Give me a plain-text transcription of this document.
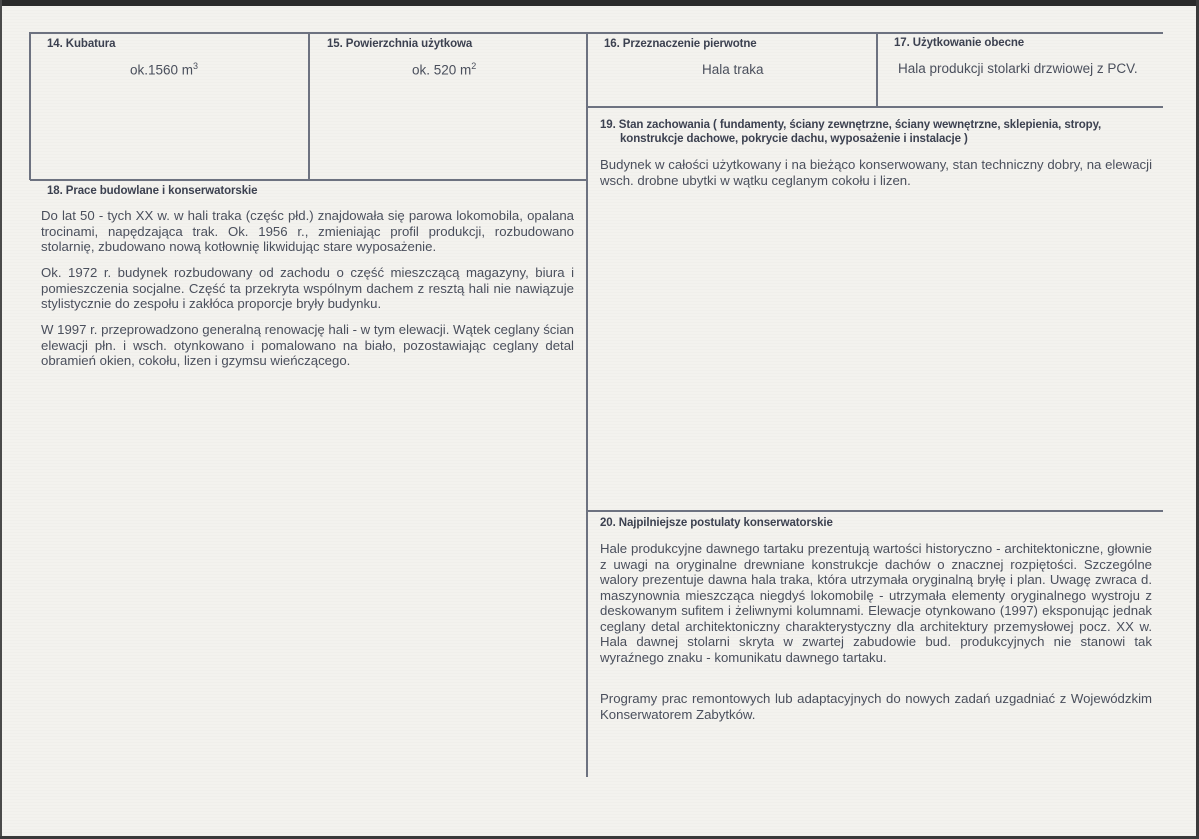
14. Kubatura
ok.1560 $m^3$
15. Powierzchnia użytkowa
ok. 520 $m^2$
16. Przeznaczenie pierwotne
Hala traka
17. Użytkowanie obecne
Hala produkcji stolarki drzwiowej z PCV.
19. Stan zachowania ( fundamenty, ściany zewnętrzne, ściany wewnętrzne, sklepienia, stropy,
konstrukcje dachowe, pokrycie dachu, wyposażenie i instalacje )
Budynek w całości użytkowany i na bieżąco konserwowany, stan techniczny dobry, na elewacji wsch. drobne ubytki w wątku ceglanym cokołu i lizen.
18. Prace budowlane i konserwatorskie
Do lat 50 - tych XX w. w hali traka (częśc płd.) znajdowała się parowa lokomobila, opalana trocinami, napędzająca trak. Ok. 1956 r., zmieniając profil produkcji, rozbudowano stolarnię, zbudowano nową kotłownię likwidując stare wyposażenie.
Ok. 1972 r. budynek rozbudowany od zachodu o część mieszczącą magazyny, biura i pomieszczenia socjalne. Część ta przekryta wspólnym dachem z resztą hali nie nawiązuje stylistycznie do zespołu i zakłóca proporcje bryły budynku.
W 1997 r. przeprowadzono generalną renowację hali - w tym elewacji. Wątek ceglany ścian elewacji płn. i wsch. otynkowano i pomalowano na biało, pozostawiając ceglany detal obramień okien, cokołu, lizen i gzymsu wieńczącego.
20. Najpilniejsze postulaty konserwatorskie
Hale produkcyjne dawnego tartaku prezentują wartości historyczno - architektoniczne, głownie z uwagi na oryginalne drewniane konstrukcje dachów o znacznej rozpiętości. Szczególne walory prezentuje dawna hala traka, która utrzymała oryginalną bryłę i plan. Uwagę zwraca d. maszynownia mieszcząca niegdyś lokomobilę - utrzymała elementy oryginalnego wystroju z deskowanym sufitem i żeliwnymi kolumnami. Elewacje otynkowano (1997) eksponując jednak ceglany detal architektoniczny charakterystyczny dla architektury przemysłowej pocz. XX w. Hala dawnej stolarni skryta w zwartej zabudowie bud. produkcyjnych nie stanowi tak wyraźnego znaku - komunikatu dawnego tartaku.
Programy prac remontowych lub adaptacyjnych do nowych zadań uzgadniać z Wojewódzkim Konserwatorem Zabytków.
